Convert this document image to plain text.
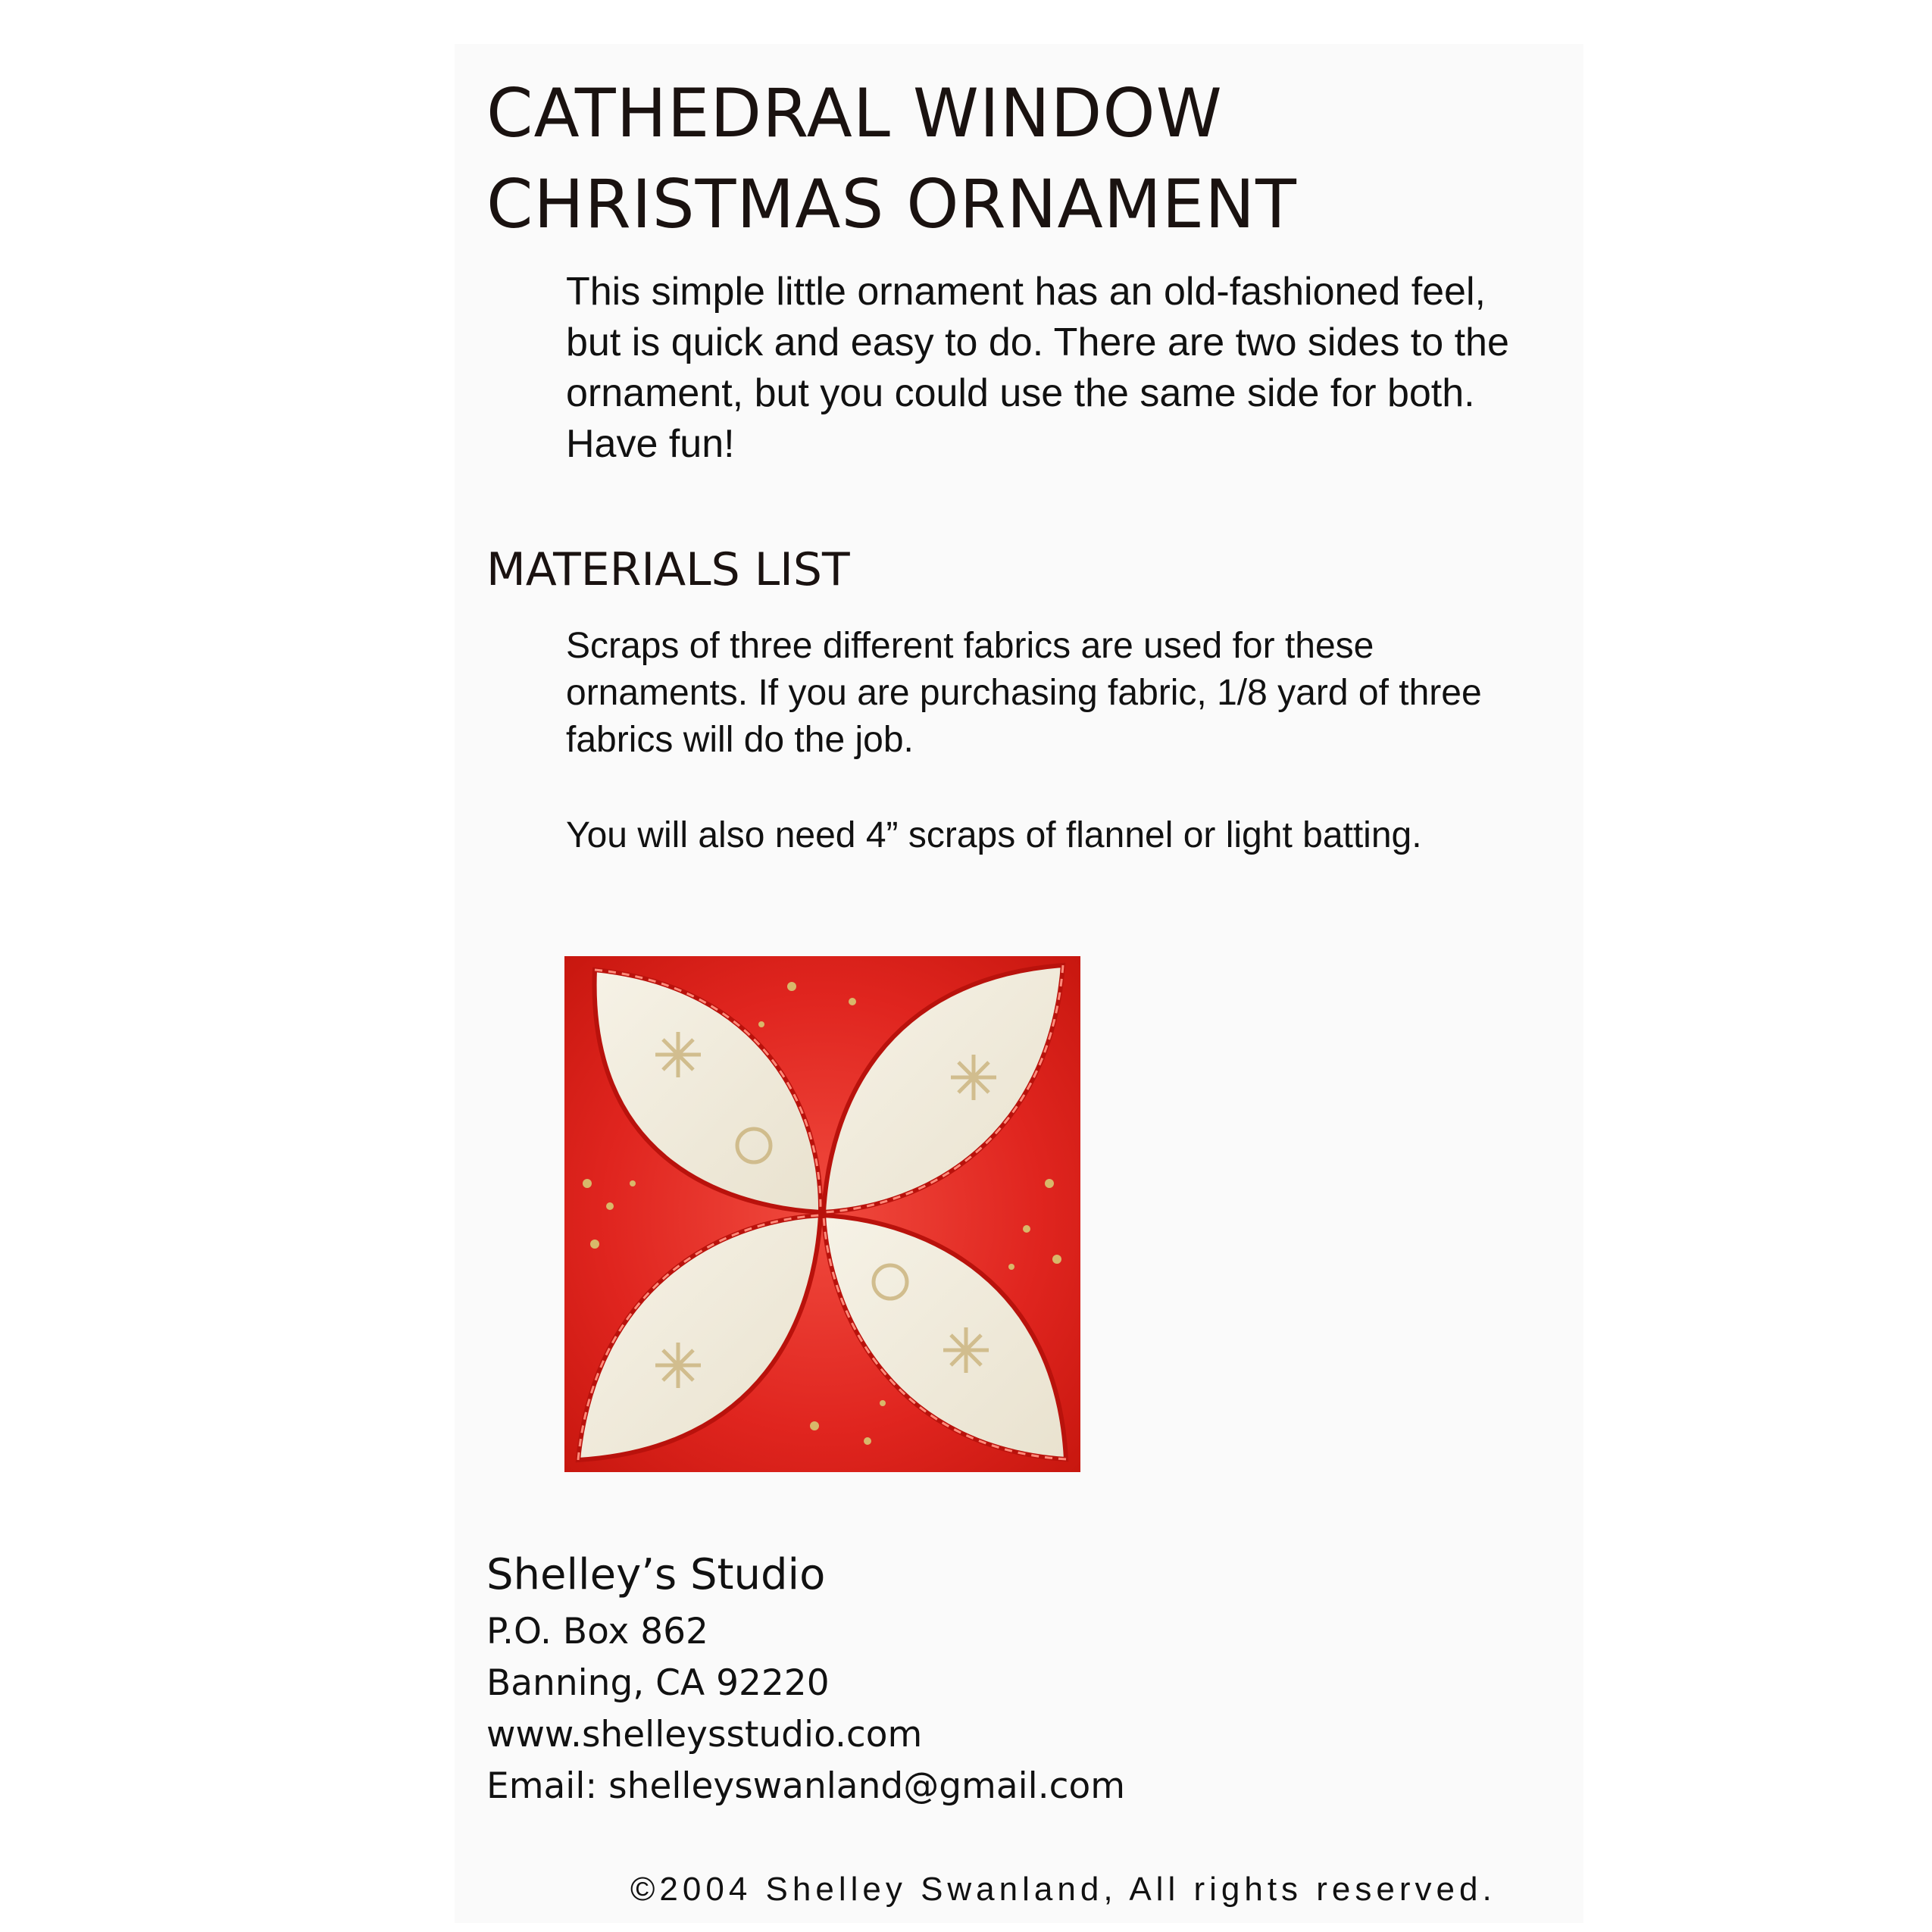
CATHEDRAL WINDOW
CHRISTMAS ORNAMENT

This simple little ornament has an old-fashioned feel, but is quick and easy to do. There are two sides to the ornament, but you could use the same side for both. Have fun!

MATERIALS LIST

Scraps of three different fabrics are used for these ornaments. If you are purchasing fabric, 1/8 yard of three fabrics will do the job.

You will also need 4” scraps of flannel or light batting.

Shelley’s Studio
P.O. Box 862
Banning, CA 92220
www.shelleysstudio.com
Email: shelleyswanland@gmail.com
©2004 Shelley Swanland, All rights reserved.
